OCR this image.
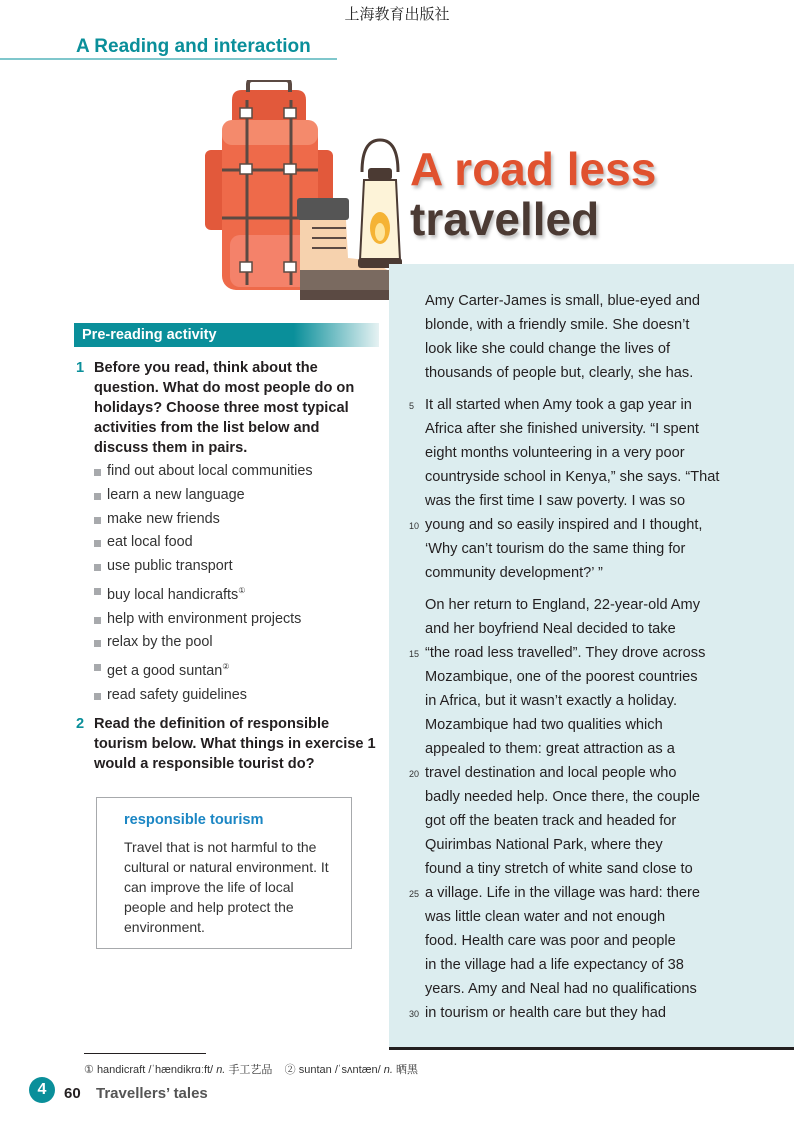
上海教育出版社
A Reading and interaction
A road less
travelled

Amy Carter-James is small, blue-eyed and
blonde, with a friendly smile. She doesn’t
look like she could change the lives of
thousands of people but, clearly, she has.

It all started when Amy took a gap year in
5
Africa after she finished university. “I spent
eight months volunteering in a very poor
countryside school in Kenya,” she says. “That
was the first time I saw poverty. I was so
young and so easily inspired and I thought,
10
‘Why can’t tourism do the same thing for
community development?’ ”

On her return to England, 22-year-old Amy
and her boyfriend Neal decided to take
“the road less travelled”. They drove across
15
Mozambique, one of the poorest countries
in Africa, but it wasn’t exactly a holiday.
Mozambique had two qualities which
appealed to them: great attraction as a
travel destination and local people who
20
badly needed help. Once there, the couple
got off the beaten track and headed for
Quirimbas National Park, where they
found a tiny stretch of white sand close to
a village. Life in the village was hard: there
25
was little clean water and not enough
food. Health care was poor and people
in the village had a life expectancy of 38
years. Amy and Neal had no qualifications
in tourism or health care but they had
30

Pre-reading activity
1 Before you read, think about the question. What do most people do on holidays? Choose three most typical activities from the list below and discuss them in pairs.
find out about local communities
learn a new language
make new friends
eat local food
use public transport
buy local handicrafts①
help with environment projects
relax by the pool
get a good suntan②
read safety guidelines
2 Read the definition of responsible tourism below. What things in exercise 1 would a responsible tourist do?
responsible tourism
Travel that is not harmful to the cultural or natural environment. It can improve the life of local people and help protect the environment.
① handicraft /ˈhændikrɑːft/ n. 手工艺品 ② suntan /ˈsʌntæn/ n. 晒黑
4	60 Travellers’ tales
